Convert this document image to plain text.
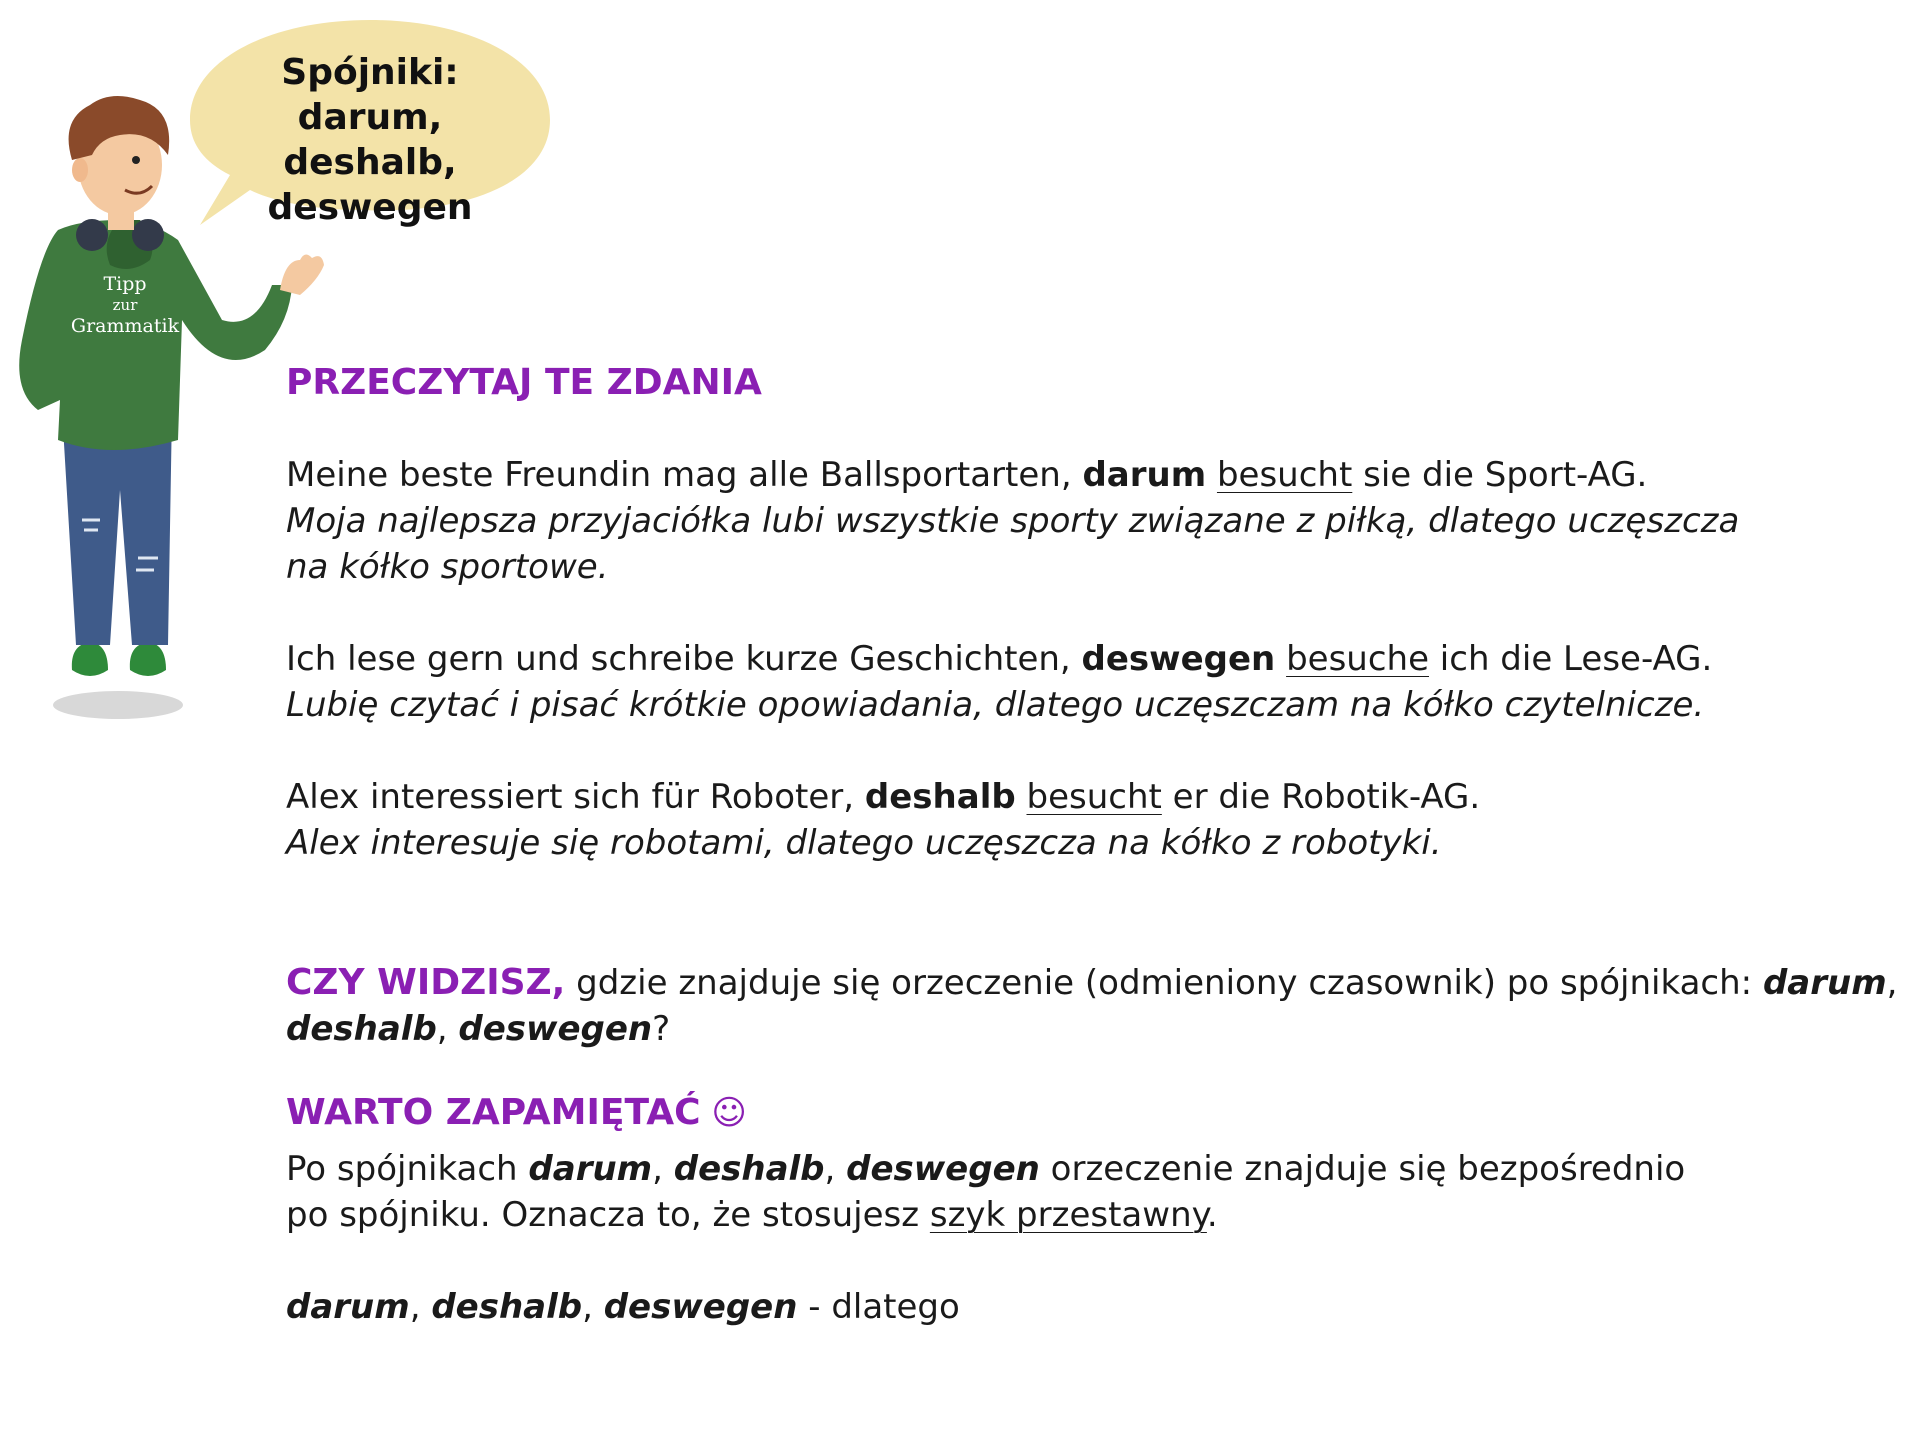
Tipp
zur
Grammatik
Spójniki: darum,
deshalb,
deswegen
PRZECZYTAJ TE ZDANIA
Meine beste Freundin mag alle Ballsportarten, darum besucht sie die Sport-AG.
Moja najlepsza przyjaciółka lubi wszystkie sporty związane z piłką, dlatego uczęszcza
na kółko sportowe.
Ich lese gern und schreibe kurze Geschichten, deswegen besuche ich die Lese-AG.
Lubię czytać i pisać krótkie opowiadania, dlatego uczęszczam na kółko czytelnicze.
Alex interessiert sich für Roboter, deshalb besucht er die Robotik-AG.
Alex interesuje się robotami, dlatego uczęszcza na kółko z robotyki.
CZY WIDZISZ, gdzie znajduje się orzeczenie (odmieniony czasownik) po spójnikach: darum,
deshalb, deswegen?
WARTO ZAPAMIĘTAĆ ☺
Po spójnikach darum, deshalb, deswegen orzeczenie znajduje się bezpośrednio
po spójniku. Oznacza to, że stosujesz szyk przestawny.
darum, deshalb, deswegen - dlatego
